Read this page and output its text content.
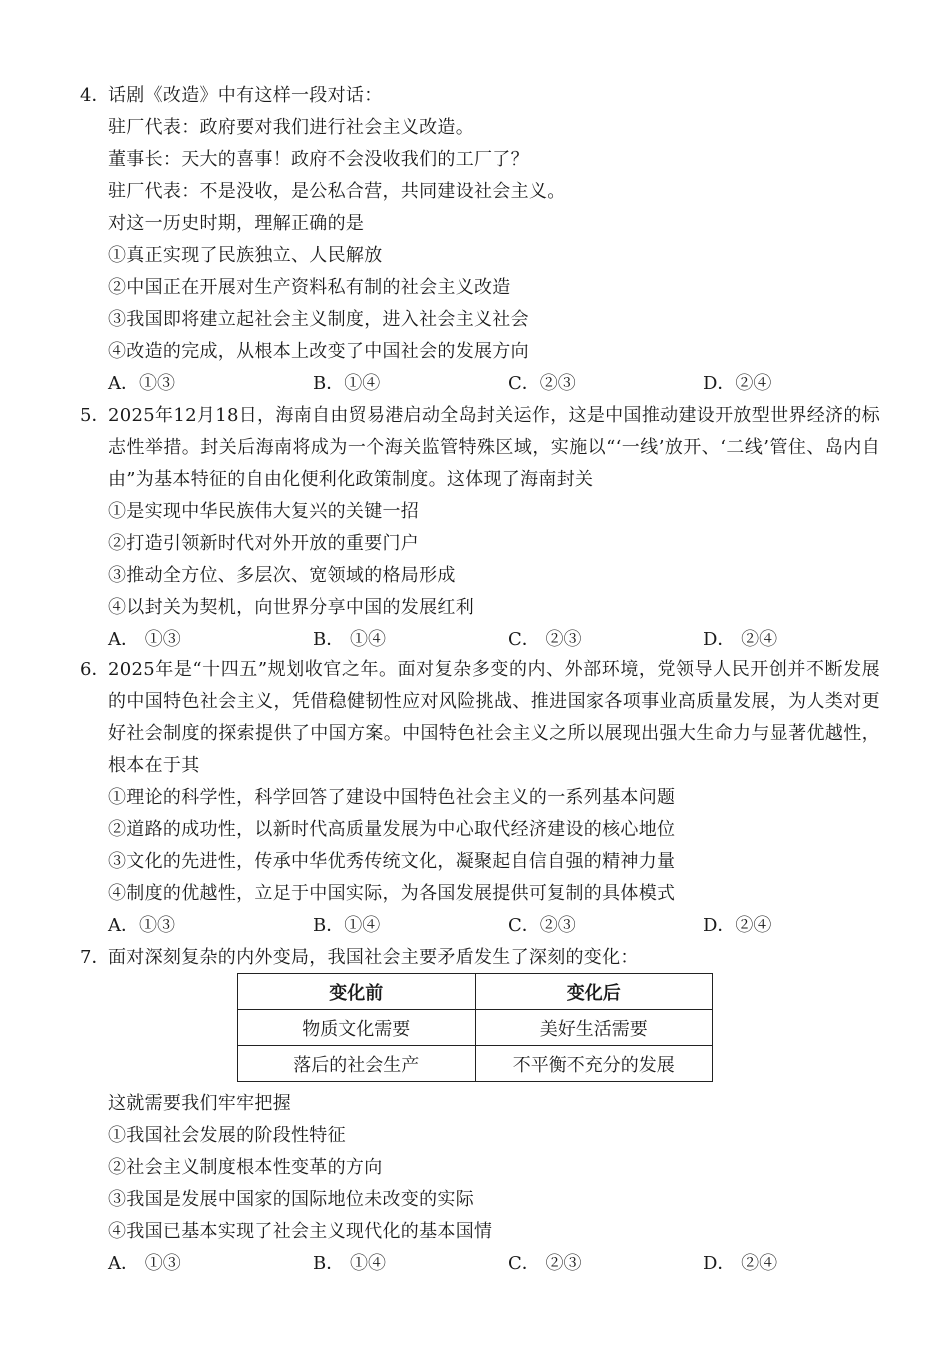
4．
话剧《改造》中有这样一段对话：
驻厂代表：政府要对我们进行社会主义改造。
董事长：天大的喜事！政府不会没收我们的工厂了？
驻厂代表：不是没收，是公私合营，共同建设社会主义。
对这一历史时期，理解正确的是
①真正实现了民族独立、人民解放
②中国正在开展对生产资料私有制的社会主义改造
③我国即将建立起社会主义制度，进入社会主义社会
④改造的完成，从根本上改变了中国社会的发展方向
A．①③	B．①④	C．②③	D．②④
5．
2025年12月18日，海南自由贸易港启动全岛封关运作，这是中国推动建设开放型世界经济的标志性举措。封关后海南将成为一个海关监管特殊区域，实施以“‘一线’放开、‘二线’管住、岛内自由”为基本特征的自由化便利化政策制度。这体现了海南封关
①是实现中华民族伟大复兴的关键一招
②打造引领新时代对外开放的重要门户
③推动全方位、多层次、宽领域的格局形成
④以封关为契机，向世界分享中国的发展红利
A． ①③	B． ①④	C． ②③	D． ②④
6．
2025年是“十四五”规划收官之年。面对复杂多变的内、外部环境，党领导人民开创并不断发展的中国特色社会主义，凭借稳健韧性应对风险挑战、推进国家各项事业高质量发展，为人类对更好社会制度的探索提供了中国方案。中国特色社会主义之所以展现出强大生命力与显著优越性，根本在于其
①理论的科学性，科学回答了建设中国特色社会主义的一系列基本问题
②道路的成功性，以新时代高质量发展为中心取代经济建设的核心地位
③文化的先进性，传承中华优秀传统文化，凝聚起自信自强的精神力量
④制度的优越性，立足于中国实际，为各国发展提供可复制的具体模式
A．①③	B．①④	C．②③	D．②④
7．
面对深刻复杂的内外变局，我国社会主要矛盾发生了深刻的变化：
变化前	变化后
物质文化需要	美好生活需要
落后的社会生产	不平衡不充分的发展
这就需要我们牢牢把握
①我国社会发展的阶段性特征
②社会主义制度根本性变革的方向
③我国是发展中国家的国际地位未改变的实际
④我国已基本实现了社会主义现代化的基本国情
A． ①③	B． ①④	C． ②③	D． ②④
